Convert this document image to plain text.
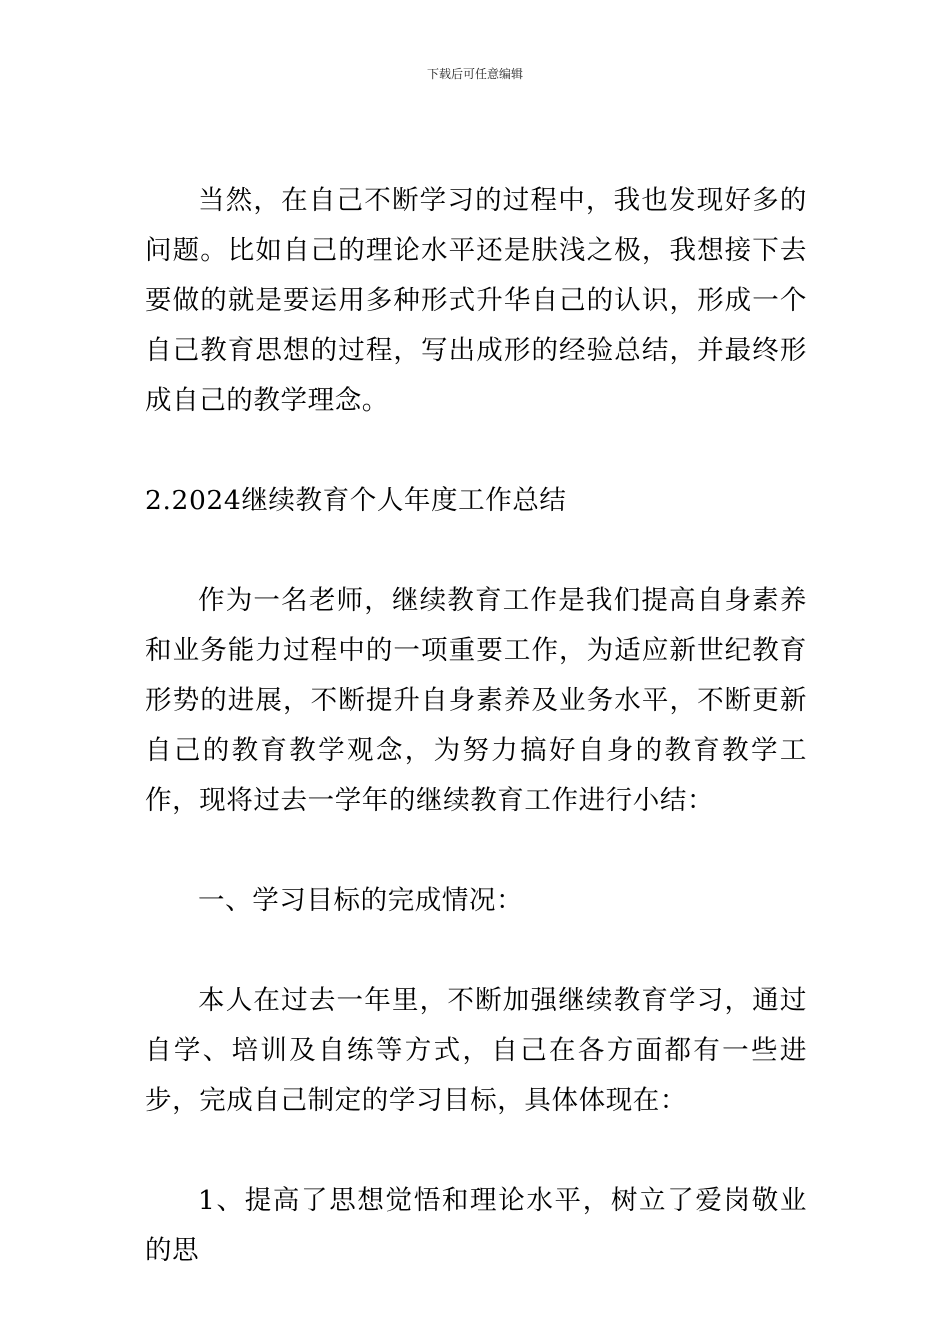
下载后可任意编辑

当然，在自己不断学习的过程中，我也发现好多的问题。比如自己的理论水平还是肤浅之极，我想接下去要做的就是要运用多种形式升华自己的认识，形成一个自己教育思想的过程，写出成形的经验总结，并最终形成自己的教学理念。

2.2024继续教育个人年度工作总结

作为一名老师，继续教育工作是我们提高自身素养和业务能力过程中的一项重要工作，为适应新世纪教育形势的进展，不断提升自身素养及业务水平，不断更新自己的教育教学观念，为努力搞好自身的教育教学工作，现将过去一学年的继续教育工作进行小结：

一、学习目标的完成情况：

本人在过去一年里，不断加强继续教育学习，通过自学、培训及自练等方式，自己在各方面都有一些进步，完成自己制定的学习目标，具体体现在：

1、提高了思想觉悟和理论水平，树立了爱岗敬业的思
